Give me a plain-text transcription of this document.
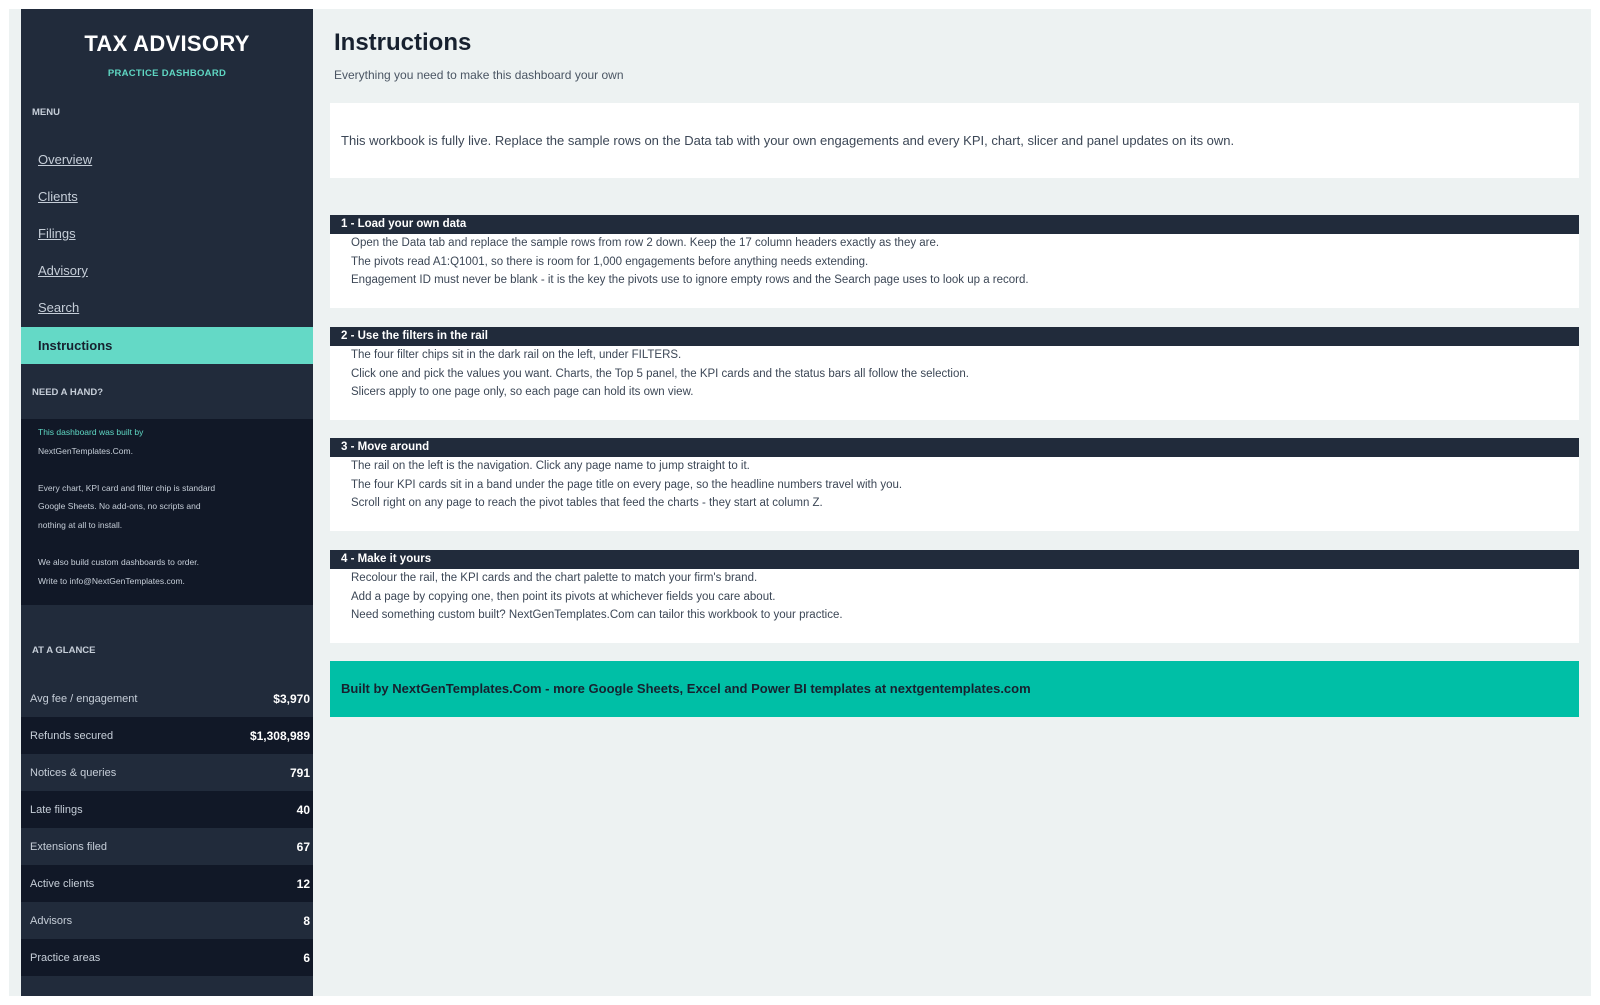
TAX ADVISORY
PRACTICE DASHBOARD
MENU
Overview
Clients
Filings
Advisory
Search
Instructions
NEED A HAND?
This dashboard was built by
NextGenTemplates.Com.
Every chart, KPI card and filter chip is standard
Google Sheets. No add-ons, no scripts and
nothing at all to install.
We also build custom dashboards to order.
Write to info@NextGenTemplates.com.
AT A GLANCE
Avg fee / engagement	$3,970
Refunds secured	$1,308,989
Notices & queries	791
Late filings	40
Extensions filed	67
Active clients	12
Advisors	8
Practice areas	6
Instructions
Everything you need to make this dashboard your own
This workbook is fully live. Replace the sample rows on the Data tab with your own engagements and every KPI, chart, slicer and panel updates on its own.
1 - Load your own data
Open the Data tab and replace the sample rows from row 2 down. Keep the 17 column headers exactly as they are.
The pivots read A1:Q1001, so there is room for 1,000 engagements before anything needs extending.
Engagement ID must never be blank - it is the key the pivots use to ignore empty rows and the Search page uses to look up a record.
2 - Use the filters in the rail
The four filter chips sit in the dark rail on the left, under FILTERS.
Click one and pick the values you want. Charts, the Top 5 panel, the KPI cards and the status bars all follow the selection.
Slicers apply to one page only, so each page can hold its own view.
3 - Move around
The rail on the left is the navigation. Click any page name to jump straight to it.
The four KPI cards sit in a band under the page title on every page, so the headline numbers travel with you.
Scroll right on any page to reach the pivot tables that feed the charts - they start at column Z.
4 - Make it yours
Recolour the rail, the KPI cards and the chart palette to match your firm's brand.
Add a page by copying one, then point its pivots at whichever fields you care about.
Need something custom built? NextGenTemplates.Com can tailor this workbook to your practice.
Built by NextGenTemplates.Com - more Google Sheets, Excel and Power BI templates at nextgentemplates.com
